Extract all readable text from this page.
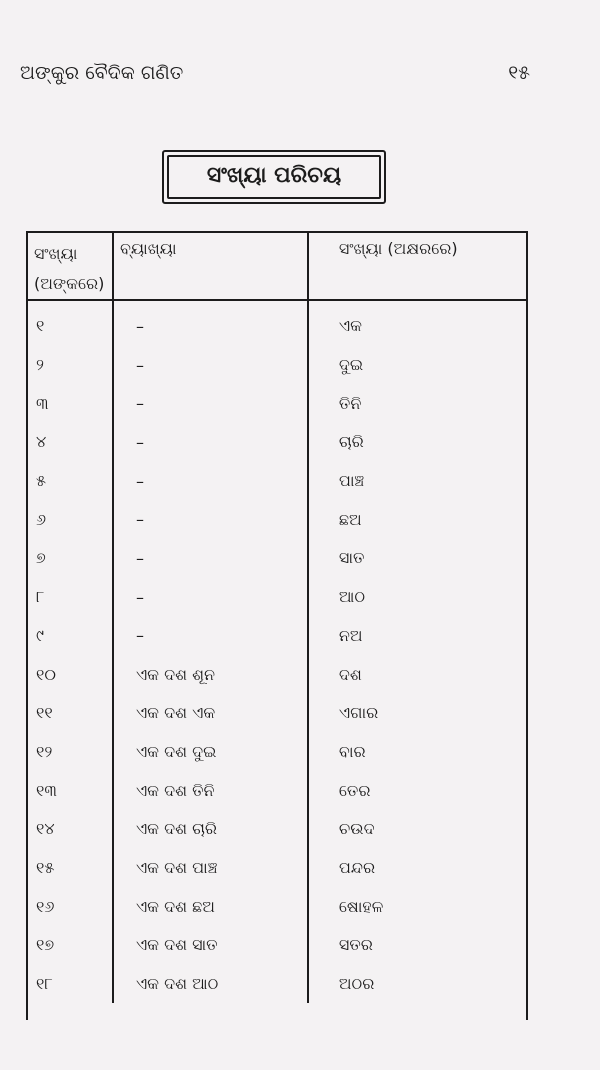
ଅଙ୍କୁର ବୈଦିକ ଗଣିତ	୧୫
ସଂଖ୍ୟା ପରିଚୟ
ସଂଖ୍ୟା
(ଅଙ୍କରେ)	ବ୍ୟାଖ୍ୟା	ସଂଖ୍ୟା (ଅକ୍ଷରରେ)
୧	–	ଏକ
୨	–	ଦୁଇ
୩	–	ତିନି
୪	–	ଚାରି
୫	–	ପାଞ୍ଚ
୬	–	ଛଅ
୭	–	ସାତ
୮	–	ଆଠ
୯	–	ନଅ
୧୦	ଏକ ଦଶ ଶୂନ	ଦଶ
୧୧	ଏକ ଦଶ ଏକ	ଏଗାର
୧୨	ଏକ ଦଶ ଦୁଇ	ବାର
୧୩	ଏକ ଦଶ ତିନି	ତେର
୧୪	ଏକ ଦଶ ଚାରି	ଚଉଦ
୧୫	ଏକ ଦଶ ପାଞ୍ଚ	ପନ୍ଦର
୧୬	ଏକ ଦଶ ଛଅ	ଷୋହଳ
୧୭	ଏକ ଦଶ ସାତ	ସତର
୧୮	ଏକ ଦଶ ଆଠ	ଅଠର
